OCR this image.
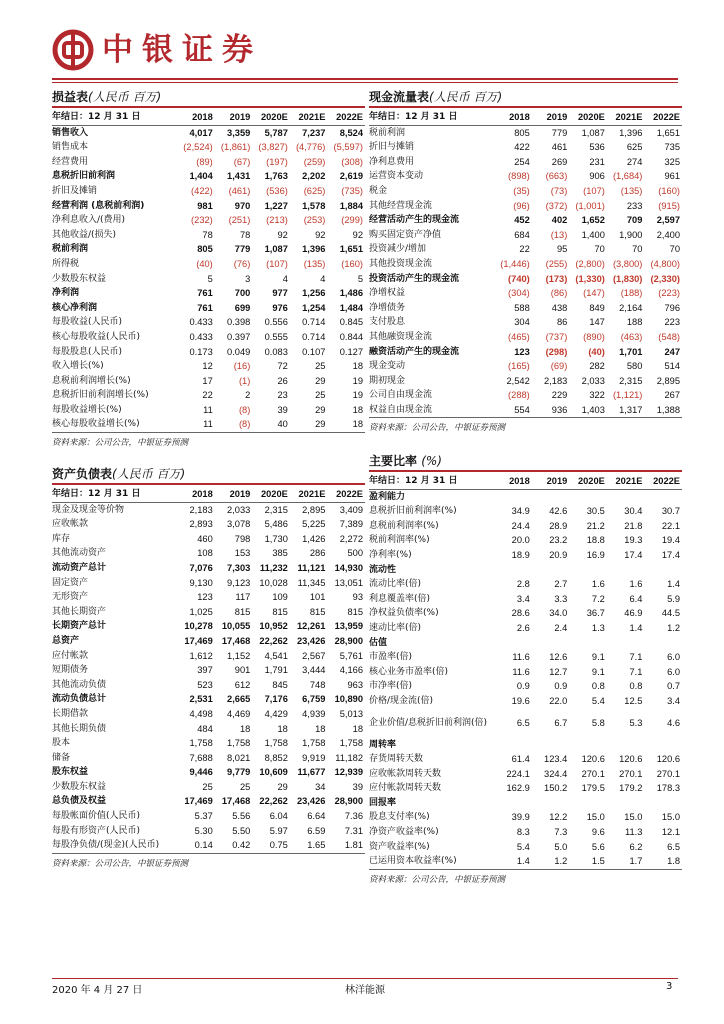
中银证券
损益表(人民币 百万)
年结日：12 月 31 日	2018	2019	2020E	2021E	2022E
销售收入	4,017	3,359	5,787	7,237	8,524
销售成本	(2,524)	(1,861)	(3,827)	(4,776)	(5,597)
经营费用	(89)	(67)	(197)	(259)	(308)
息税折旧前利润	1,404	1,431	1,763	2,202	2,619
折旧及摊销	(422)	(461)	(536)	(625)	(735)
经营利润 (息税前利润)	981	970	1,227	1,578	1,884
净利息收入/(费用)	(232)	(251)	(213)	(253)	(299)
其他收益/(损失)	78	78	92	92	92
税前利润	805	779	1,087	1,396	1,651
所得税	(40)	(76)	(107)	(135)	(160)
少数股东权益	5	3	4	4	5
净利润	761	700	977	1,256	1,486
核心净利润	761	699	976	1,254	1,484
每股收益(人民币)	0.433	0.398	0.556	0.714	0.845
核心每股收益(人民币)	0.433	0.397	0.555	0.714	0.844
每股股息(人民币)	0.173	0.049	0.083	0.107	0.127
收入增长(%)	12	(16)	72	25	18
息税前利润增长(%)	17	(1)	26	29	19
息税折旧前利润增长(%)	22	2	23	25	19
每股收益增长(%)	11	(8)	39	29	18
核心每股收益增长(%)	11	(8)	40	29	18
资料来源：公司公告，中银证券预测
资产负债表(人民币 百万)
年结日：12 月 31 日	2018	2019	2020E	2021E	2022E
现金及现金等价物	2,183	2,033	2,315	2,895	3,409
应收帐款	2,893	3,078	5,486	5,225	7,389
库存	460	798	1,730	1,426	2,272
其他流动资产	108	153	385	286	500
流动资产总计	7,076	7,303	11,232	11,121	14,930
固定资产	9,130	9,123	10,028	11,345	13,051
无形资产	123	117	109	101	93
其他长期资产	1,025	815	815	815	815
长期资产总计	10,278	10,055	10,952	12,261	13,959
总资产	17,469	17,468	22,262	23,426	28,900
应付帐款	1,612	1,152	4,541	2,567	5,761
短期债务	397	901	1,791	3,444	4,166
其他流动负债	523	612	845	748	963
流动负债总计	2,531	2,665	7,176	6,759	10,890
长期借款	4,498	4,469	4,429	4,939	5,013
其他长期负债	484	18	18	18	18
股本	1,758	1,758	1,758	1,758	1,758
储备	7,688	8,021	8,852	9,919	11,182
股东权益	9,446	9,779	10,609	11,677	12,939
少数股东权益	25	25	29	34	39
总负债及权益	17,469	17,468	22,262	23,426	28,900
每股帐面价值(人民币)	5.37	5.56	6.04	6.64	7.36
每股有形资产(人民币)	5.30	5.50	5.97	6.59	7.31
每股净负债/(现金)(人民币)	0.14	0.42	0.75	1.65	1.81
资料来源：公司公告，中银证券预测
现金流量表(人民币 百万)
年结日：12 月 31 日	2018	2019	2020E	2021E	2022E
税前利润	805	779	1,087	1,396	1,651
折旧与摊销	422	461	536	625	735
净利息费用	254	269	231	274	325
运营资本变动	(898)	(663)	906	(1,684)	961
税金	(35)	(73)	(107)	(135)	(160)
其他经营现金流	(96)	(372)	(1,001)	233	(915)
经营活动产生的现金流	452	402	1,652	709	2,597
购买固定资产净值	684	(13)	1,400	1,900	2,400
投资减少/增加	22	95	70	70	70
其他投资现金流	(1,446)	(255)	(2,800)	(3,800)	(4,800)
投资活动产生的现金流	(740)	(173)	(1,330)	(1,830)	(2,330)
净增权益	(304)	(86)	(147)	(188)	(223)
净增债务	588	438	849	2,164	796
支付股息	304	86	147	188	223
其他融资现金流	(465)	(737)	(890)	(463)	(548)
融资活动产生的现金流	123	(298)	(40)	1,701	247
现金变动	(165)	(69)	282	580	514
期初现金	2,542	2,183	2,033	2,315	2,895
公司自由现金流	(288)	229	322	(1,121)	267
权益自由现金流	554	936	1,403	1,317	1,388
资料来源：公司公告，中银证券预测
主要比率 (%)
年结日：12 月 31 日	2018	2019	2020E	2021E	2022E
盈利能力					
息税折旧前利润率(%)	34.9	42.6	30.5	30.4	30.7
息税前利润率(%)	24.4	28.9	21.2	21.8	22.1
税前利润率(%)	20.0	23.2	18.8	19.3	19.4
净利率(%)	18.9	20.9	16.9	17.4	17.4
流动性					
流动比率(倍)	2.8	2.7	1.6	1.6	1.4
利息覆盖率(倍)	3.4	3.3	7.2	6.4	5.9
净权益负债率(%)	28.6	34.0	36.7	46.9	44.5
速动比率(倍)	2.6	2.4	1.3	1.4	1.2
估值					
市盈率(倍)	11.6	12.6	9.1	7.1	6.0
核心业务市盈率(倍)	11.6	12.7	9.1	7.1	6.0
市净率(倍)	0.9	0.9	0.8	0.8	0.7
价格/现金流(倍)	19.6	22.0	5.4	12.5	3.4
企业价值/息税折旧前利润(倍)	6.5	6.7	5.8	5.3	4.6
周转率					
存货周转天数	61.4	123.4	120.6	120.6	120.6
应收帐款周转天数	224.1	324.4	270.1	270.1	270.1
应付帐款周转天数	162.9	150.2	179.5	179.2	178.3
回报率					
股息支付率(%)	39.9	12.2	15.0	15.0	15.0
净资产收益率(%)	8.3	7.3	9.6	11.3	12.1
资产收益率(%)	5.4	5.0	5.6	6.2	6.5
已运用资本收益率(%)	1.4	1.2	1.5	1.7	1.8
资料来源：公司公告，中银证券预测
2020 年 4 月 27 日	林洋能源	3
